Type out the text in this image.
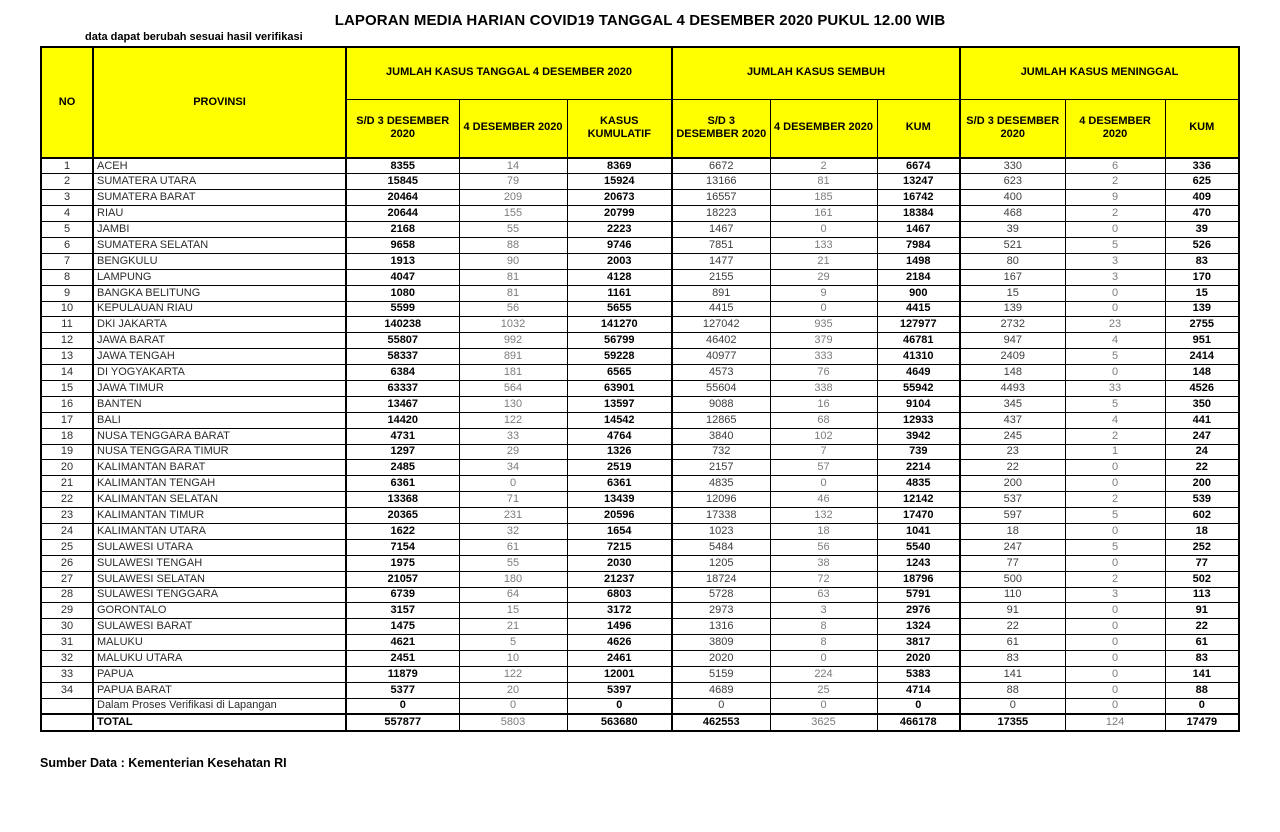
LAPORAN MEDIA HARIAN COVID19 TANGGAL 4 DESEMBER 2020 PUKUL 12.00 WIB
data dapat berubah sesuai hasil verifikasi
NO	PROVINSI	JUMLAH KASUS TANGGAL 4 DESEMBER 2020			JUMLAH KASUS SEMBUH			JUMLAH KASUS MENINGGAL		
		S/D 3 DESEMBER 2020	4 DESEMBER 2020	KASUS KUMULATIF	S/D 3 DESEMBER 2020	4 DESEMBER 2020	KUM	S/D 3 DESEMBER 2020	4 DESEMBER 2020	KUM
1	ACEH	8355	14	8369	6672	2	6674	330	6	336
2	SUMATERA UTARA	15845	79	15924	13166	81	13247	623	2	625
3	SUMATERA BARAT	20464	209	20673	16557	185	16742	400	9	409
4	RIAU	20644	155	20799	18223	161	18384	468	2	470
5	JAMBI	2168	55	2223	1467	0	1467	39	0	39
6	SUMATERA SELATAN	9658	88	9746	7851	133	7984	521	5	526
7	BENGKULU	1913	90	2003	1477	21	1498	80	3	83
8	LAMPUNG	4047	81	4128	2155	29	2184	167	3	170
9	BANGKA BELITUNG	1080	81	1161	891	9	900	15	0	15
10	KEPULAUAN RIAU	5599	56	5655	4415	0	4415	139	0	139
11	DKI JAKARTA	140238	1032	141270	127042	935	127977	2732	23	2755
12	JAWA BARAT	55807	992	56799	46402	379	46781	947	4	951
13	JAWA TENGAH	58337	891	59228	40977	333	41310	2409	5	2414
14	DI YOGYAKARTA	6384	181	6565	4573	76	4649	148	0	148
15	JAWA TIMUR	63337	564	63901	55604	338	55942	4493	33	4526
16	BANTEN	13467	130	13597	9088	16	9104	345	5	350
17	BALI	14420	122	14542	12865	68	12933	437	4	441
18	NUSA TENGGARA BARAT	4731	33	4764	3840	102	3942	245	2	247
19	NUSA TENGGARA TIMUR	1297	29	1326	732	7	739	23	1	24
20	KALIMANTAN BARAT	2485	34	2519	2157	57	2214	22	0	22
21	KALIMANTAN TENGAH	6361	0	6361	4835	0	4835	200	0	200
22	KALIMANTAN SELATAN	13368	71	13439	12096	46	12142	537	2	539
23	KALIMANTAN TIMUR	20365	231	20596	17338	132	17470	597	5	602
24	KALIMANTAN UTARA	1622	32	1654	1023	18	1041	18	0	18
25	SULAWESI UTARA	7154	61	7215	5484	56	5540	247	5	252
26	SULAWESI TENGAH	1975	55	2030	1205	38	1243	77	0	77
27	SULAWESI SELATAN	21057	180	21237	18724	72	18796	500	2	502
28	SULAWESI TENGGARA	6739	64	6803	5728	63	5791	110	3	113
29	GORONTALO	3157	15	3172	2973	3	2976	91	0	91
30	SULAWESI BARAT	1475	21	1496	1316	8	1324	22	0	22
31	MALUKU	4621	5	4626	3809	8	3817	61	0	61
32	MALUKU UTARA	2451	10	2461	2020	0	2020	83	0	83
33	PAPUA	11879	122	12001	5159	224	5383	141	0	141
34	PAPUA BARAT	5377	20	5397	4689	25	4714	88	0	88
	Dalam Proses Verifikasi di Lapangan	0	0	0	0	0	0	0	0	0
	TOTAL	557877	5803	563680	462553	3625	466178	17355	124	17479
Sumber Data : Kementerian Kesehatan RI
